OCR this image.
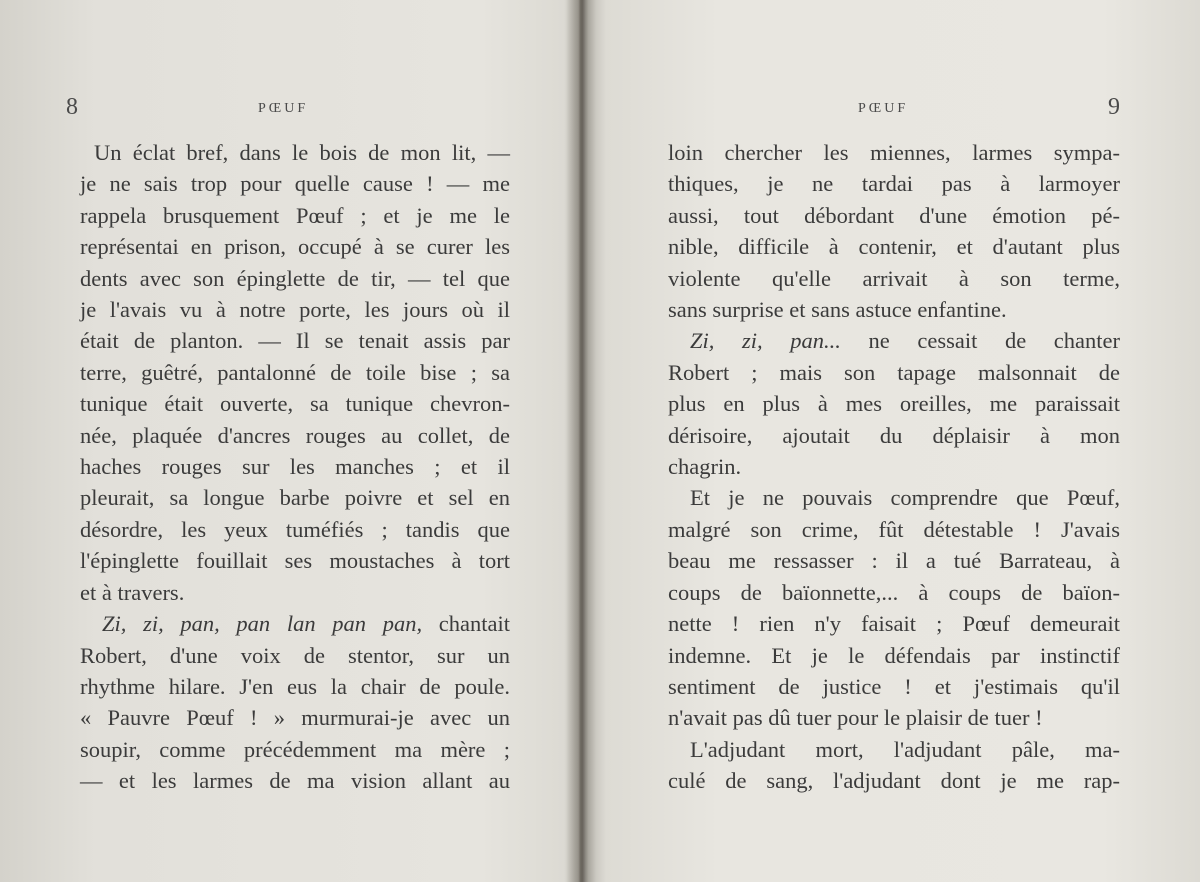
8	PŒUF
Un éclat bref, dans le bois de mon lit, —
je ne sais trop pour quelle cause ! — me
rappela brusquement Pœuf ; et je me le
représentai en prison, occupé à se curer les
dents avec son épinglette de tir, — tel que
je l'avais vu à notre porte, les jours où il
était de planton. — Il se tenait assis par
terre, guêtré, pantalonné de toile bise ; sa
tunique était ouverte, sa tunique chevron-
née, plaquée d'ancres rouges au collet, de
haches rouges sur les manches ; et il
pleurait, sa longue barbe poivre et sel en
désordre, les yeux tuméfiés ; tandis que
l'épinglette fouillait ses moustaches à tort
et à travers.
Zi, zi, pan, pan lan pan pan, chantait
Robert, d'une voix de stentor, sur un
rhythme hilare. J'en eus la chair de poule.
« Pauvre Pœuf ! » murmurai-je avec un
soupir, comme précédemment ma mère ;
— et les larmes de ma vision allant au
PŒUF	9
loin chercher les miennes, larmes sympa-
thiques, je ne tardai pas à larmoyer
aussi, tout débordant d'une émotion pé-
nible, difficile à contenir, et d'autant plus
violente qu'elle arrivait à son terme,
sans surprise et sans astuce enfantine.
Zi, zi, pan... ne cessait de chanter
Robert ; mais son tapage malsonnait de
plus en plus à mes oreilles, me paraissait
dérisoire, ajoutait du déplaisir à mon
chagrin.
Et je ne pouvais comprendre que Pœuf,
malgré son crime, fût détestable ! J'avais
beau me ressasser : il a tué Barrateau, à
coups de baïonnette,... à coups de baïon-
nette ! rien n'y faisait ; Pœuf demeurait
indemne. Et je le défendais par instinctif
sentiment de justice ! et j'estimais qu'il
n'avait pas dû tuer pour le plaisir de tuer !
L'adjudant mort, l'adjudant pâle, ma-
culé de sang, l'adjudant dont je me rap-
